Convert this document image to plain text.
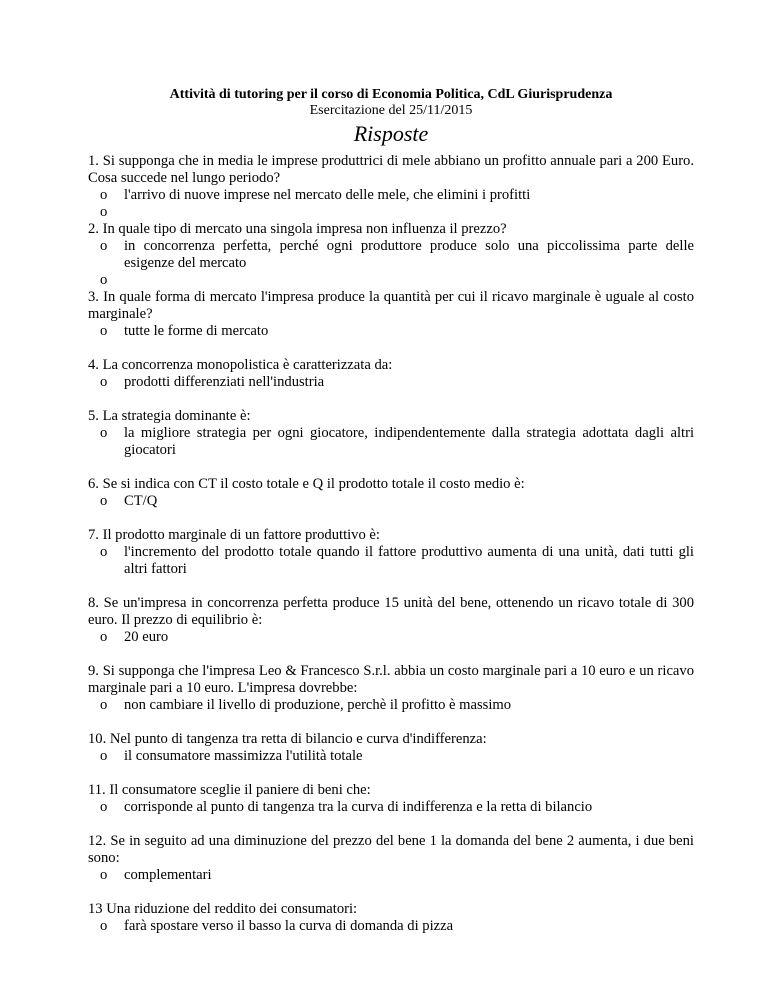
Attività di tutoring per il corso di Economia Politica, CdL Giurisprudenza
Esercitazione del 25/11/2015
Risposte

1. Si supponga che in media le imprese produttrici di mele abbiano un profitto annuale pari a 200 Euro. Cosa succede nel lungo periodo?

o	l'arrivo di nuove imprese nel mercato delle mele, che elimini i profitti
o

2. In quale tipo di mercato una singola impresa non influenza il prezzo?

o	in concorrenza perfetta, perché ogni produttore produce solo una piccolissima parte delle esigenze del mercato
o

3. In quale forma di mercato l'impresa produce la quantità per cui il ricavo marginale è uguale al costo marginale?

o	tutte le forme di mercato

4. La concorrenza monopolistica è caratterizzata da:

o	prodotti differenziati nell'industria

5. La strategia dominante è:

o	la migliore strategia per ogni giocatore, indipendentemente dalla strategia adottata dagli altri giocatori

6. Se si indica con CT il costo totale e Q il prodotto totale il costo medio è:

o	CT/Q

7. Il prodotto marginale di un fattore produttivo è:

o	l'incremento del prodotto totale quando il fattore produttivo aumenta di una unità, dati tutti gli altri fattori

8. Se un'impresa in concorrenza perfetta produce 15 unità del bene, ottenendo un ricavo totale di 300 euro. Il prezzo di equilibrio è:

o	20 euro

9. Si supponga che l'impresa Leo & Francesco S.r.l. abbia un costo marginale pari a 10 euro e un ricavo marginale pari a 10 euro. L'impresa dovrebbe:

o	non cambiare il livello di produzione, perchè il profitto è massimo

10. Nel punto di tangenza tra retta di bilancio e curva d'indifferenza:

o	il consumatore massimizza l'utilità totale

11. Il consumatore sceglie il paniere di beni che:

o	corrisponde al punto di tangenza tra la curva di indifferenza e la retta di bilancio

12. Se in seguito ad una diminuzione del prezzo del bene 1 la domanda del bene 2 aumenta, i due beni sono:

o	complementari

13 Una riduzione del reddito dei consumatori:

o	farà spostare verso il basso la curva di domanda di pizza
